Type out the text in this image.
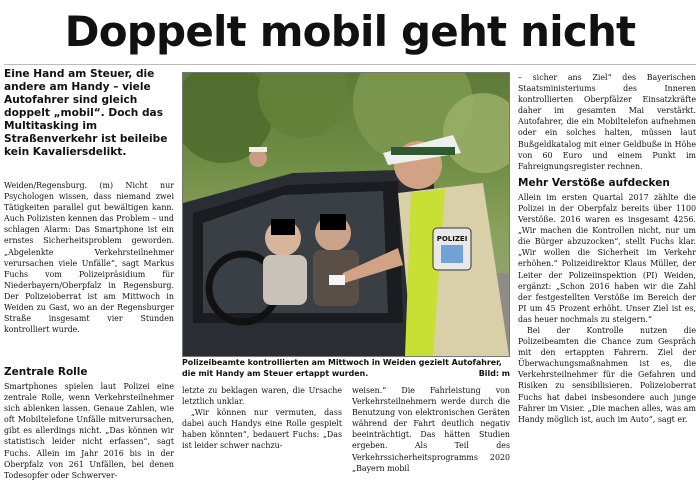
Doppelt mobil geht nicht

Eine Hand am Steuer, die andere am Handy – viele Autofahrer sind gleich doppelt „mobil“. Doch das Multitasking im Straßenverkehr ist beileibe kein Kavaliersdelikt.

Weiden/Regensburg. (m) Nicht nur Psychologen wissen, dass niemand zwei Tätigkeiten parallel gut bewältigen kann. Auch Polizisten kennen das Problem – und schlagen Alarm: Das Smartphone ist ein ernstes Sicherheitsproblem geworden. „Abgelenkte Verkehrsteilnehmer verursachen viele Unfälle“, sagt Markus Fuchs vom Polizeipräsidium für Niederbayern/Oberpfalz in Regensburg. Der Polizeioberrat ist am Mittwoch in Weiden zu Gast, wo an der Regensburger Straße insgesamt vier Stunden kontrolliert wurde.

Zentrale Rolle

Smartphones spielen laut Polizei eine zentrale Rolle, wenn Verkehrsteilnehmer sich ablenken lassen. Genaue Zahlen, wie oft Mobiltelefone Unfälle mitverursachen, gibt es allerdings nicht. „Das können wir statistisch leider nicht erfassen“, sagt Fuchs. Allein im Jahr 2016 bis in der Oberpfalz von 261 Unfällen, bei denen Todesopfer oder Schwerver-

POLIZEI
Polizeibeamte kontrollierten am Mittwoch in Weiden gezielt Autofahrer, die mit Handy am Steuer ertappt wurden.	Bild: m

letzte zu beklagen waren, die Ursache letztlich unklar.

„Wir können nur vermuten, dass dabei auch Handys eine Rolle gespielt haben könnten“, bedauert Fuchs: „Das ist leider schwer nachzu-

weisen.“ Die Fahrleistung von Verkehrsteilnehmern werde durch die Benutzung von elektronischen Geräten während der Fahrt deutlich negativ beeinträchtigt. Das hätten Studien ergeben. Als Teil des Verkehrssicherheitsprogramms 2020 „Bayern mobil

– sicher ans Ziel“ des Bayerischen Staatsministeriums des Inneren kontrollierten Oberpfälzer Einsatzkräfte daher im gesamten Mai verstärkt. Autofahrer, die ein Mobiltelefon aufnehmen oder ein solches halten, müssen laut Bußgeldkatalog mit einer Geldbuße in Höhe von 60 Euro und einem Punkt im Fahreignungsregister rechnen.

Mehr Verstöße aufdecken

Allein im ersten Quartal 2017 zählte die Polizei in der Oberpfalz bereits über 1100 Verstöße. 2016 waren es insgesamt 4256. „Wir machen die Kontrollen nicht, nur um die Bürger abzuzocken“, stellt Fuchs klar. „Wir wollen die Sicherheit im Verkehr erhöhen.“ Polizeidirektor Klaus Müller, der Leiter der Polizeiinspektion (PI) Weiden, ergänzt: „Schon 2016 haben wir die Zahl der festgestellten Verstöße im Bereich der PI um 45 Prozent erhöht. Unser Ziel ist es, das heuer nochmals zu steigern.“

Bei der Kontrolle nutzen die Polizeibeamten die Chance zum Gespräch mit den ertappten Fahrern. Ziel der Überwachungsmaßnahmen ist es, die Verkehrsteilnehmer für die Gefahren und Risiken zu sensibilisieren. Polizeioberrat Fuchs hat dabei insbesondere auch junge Fahrer im Visier. „Die machen alles, was am Handy möglich ist, auch im Auto“, sagt er.
